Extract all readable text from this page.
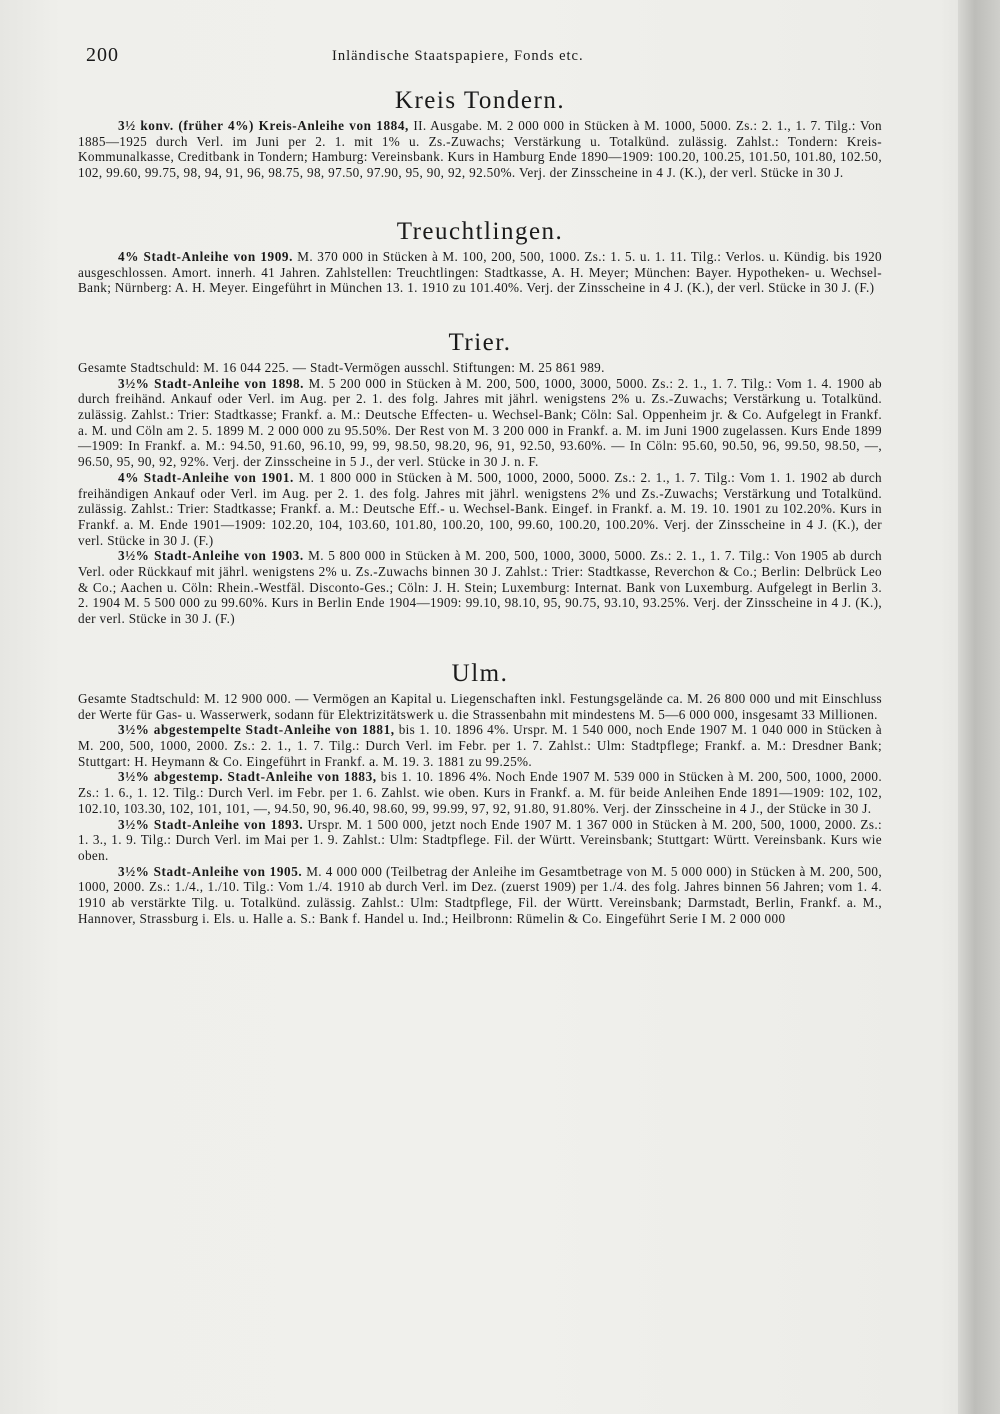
200	Inländische Staatspapiere, Fonds etc.
Kreis Tondern.

3½ konv. (früher 4%) Kreis-Anleihe von 1884, II. Ausgabe. M. 2 000 000 in Stücken à M. 1000, 5000. Zs.: 2. 1., 1. 7. Tilg.: Von 1885—1925 durch Verl. im Juni per 2. 1. mit 1% u. Zs.-Zuwachs; Verstärkung u. Totalkünd. zulässig. Zahlst.: Tondern: Kreis-Kommunalkasse, Creditbank in Tondern; Hamburg: Vereinsbank. Kurs in Hamburg Ende 1890—1909: 100.20, 100.25, 101.50, 101.80, 102.50, 102, 99.60, 99.75, 98, 94, 91, 96, 98.75, 98, 97.50, 97.90, 95, 90, 92, 92.50%. Verj. der Zinsscheine in 4 J. (K.), der verl. Stücke in 30 J.

Treuchtlingen.

4% Stadt-Anleihe von 1909. M. 370 000 in Stücken à M. 100, 200, 500, 1000. Zs.: 1. 5. u. 1. 11. Tilg.: Verlos. u. Kündig. bis 1920 ausgeschlossen. Amort. innerh. 41 Jahren. Zahlstellen: Treuchtlingen: Stadtkasse, A. H. Meyer; München: Bayer. Hypotheken- u. Wechsel-Bank; Nürnberg: A. H. Meyer. Eingeführt in München 13. 1. 1910 zu 101.40%. Verj. der Zinsscheine in 4 J. (K.), der verl. Stücke in 30 J. (F.)

Trier.

Gesamte Stadtschuld: M. 16 044 225. — Stadt-Vermögen ausschl. Stiftungen: M. 25 861 989.

3½% Stadt-Anleihe von 1898. M. 5 200 000 in Stücken à M. 200, 500, 1000, 3000, 5000. Zs.: 2. 1., 1. 7. Tilg.: Vom 1. 4. 1900 ab durch freihänd. Ankauf oder Verl. im Aug. per 2. 1. des folg. Jahres mit jährl. wenigstens 2% u. Zs.-Zuwachs; Verstärkung u. Totalkünd. zulässig. Zahlst.: Trier: Stadtkasse; Frankf. a. M.: Deutsche Effecten- u. Wechsel-Bank; Cöln: Sal. Oppenheim jr. & Co. Aufgelegt in Frankf. a. M. und Cöln am 2. 5. 1899 M. 2 000 000 zu 95.50%. Der Rest von M. 3 200 000 in Frankf. a. M. im Juni 1900 zugelassen. Kurs Ende 1899—1909: In Frankf. a. M.: 94.50, 91.60, 96.10, 99, 99, 98.50, 98.20, 96, 91, 92.50, 93.60%. — In Cöln: 95.60, 90.50, 96, 99.50, 98.50, —, 96.50, 95, 90, 92, 92%. Verj. der Zinsscheine in 5 J., der verl. Stücke in 30 J. n. F.

4% Stadt-Anleihe von 1901. M. 1 800 000 in Stücken à M. 500, 1000, 2000, 5000. Zs.: 2. 1., 1. 7. Tilg.: Vom 1. 1. 1902 ab durch freihändigen Ankauf oder Verl. im Aug. per 2. 1. des folg. Jahres mit jährl. wenigstens 2% und Zs.-Zuwachs; Verstärkung und Totalkünd. zulässig. Zahlst.: Trier: Stadtkasse; Frankf. a. M.: Deutsche Eff.- u. Wechsel-Bank. Eingef. in Frankf. a. M. 19. 10. 1901 zu 102.20%. Kurs in Frankf. a. M. Ende 1901—1909: 102.20, 104, 103.60, 101.80, 100.20, 100, 99.60, 100.20, 100.20%. Verj. der Zinsscheine in 4 J. (K.), der verl. Stücke in 30 J. (F.)

3½% Stadt-Anleihe von 1903. M. 5 800 000 in Stücken à M. 200, 500, 1000, 3000, 5000. Zs.: 2. 1., 1. 7. Tilg.: Von 1905 ab durch Verl. oder Rückkauf mit jährl. wenigstens 2% u. Zs.-Zuwachs binnen 30 J. Zahlst.: Trier: Stadtkasse, Reverchon & Co.; Berlin: Delbrück Leo & Co.; Aachen u. Cöln: Rhein.-Westfäl. Disconto-Ges.; Cöln: J. H. Stein; Luxemburg: Internat. Bank von Luxemburg. Aufgelegt in Berlin 3. 2. 1904 M. 5 500 000 zu 99.60%. Kurs in Berlin Ende 1904—1909: 99.10, 98.10, 95, 90.75, 93.10, 93.25%. Verj. der Zinsscheine in 4 J. (K.), der verl. Stücke in 30 J. (F.)

Ulm.

Gesamte Stadtschuld: M. 12 900 000. — Vermögen an Kapital u. Liegenschaften inkl. Festungsgelände ca. M. 26 800 000 und mit Einschluss der Werte für Gas- u. Wasserwerk, sodann für Elektrizitätswerk u. die Strassenbahn mit mindestens M. 5—6 000 000, insgesamt 33 Millionen.

3½% abgestempelte Stadt-Anleihe von 1881, bis 1. 10. 1896 4%. Urspr. M. 1 540 000, noch Ende 1907 M. 1 040 000 in Stücken à M. 200, 500, 1000, 2000. Zs.: 2. 1., 1. 7. Tilg.: Durch Verl. im Febr. per 1. 7. Zahlst.: Ulm: Stadtpflege; Frankf. a. M.: Dresdner Bank; Stuttgart: H. Heymann & Co. Eingeführt in Frankf. a. M. 19. 3. 1881 zu 99.25%.

3½% abgestemp. Stadt-Anleihe von 1883, bis 1. 10. 1896 4%. Noch Ende 1907 M. 539 000 in Stücken à M. 200, 500, 1000, 2000. Zs.: 1. 6., 1. 12. Tilg.: Durch Verl. im Febr. per 1. 6. Zahlst. wie oben. Kurs in Frankf. a. M. für beide Anleihen Ende 1891—1909: 102, 102, 102.10, 103.30, 102, 101, 101, —, 94.50, 90, 96.40, 98.60, 99, 99.99, 97, 92, 91.80, 91.80%. Verj. der Zinsscheine in 4 J., der Stücke in 30 J.

3½% Stadt-Anleihe von 1893. Urspr. M. 1 500 000, jetzt noch Ende 1907 M. 1 367 000 in Stücken à M. 200, 500, 1000, 2000. Zs.: 1. 3., 1. 9. Tilg.: Durch Verl. im Mai per 1. 9. Zahlst.: Ulm: Stadtpflege. Fil. der Württ. Vereinsbank; Stuttgart: Württ. Vereinsbank. Kurs wie oben.

3½% Stadt-Anleihe von 1905. M. 4 000 000 (Teilbetrag der Anleihe im Gesamtbetrage von M. 5 000 000) in Stücken à M. 200, 500, 1000, 2000. Zs.: 1./4., 1./10. Tilg.: Vom 1./4. 1910 ab durch Verl. im Dez. (zuerst 1909) per 1./4. des folg. Jahres binnen 56 Jahren; vom 1. 4. 1910 ab verstärkte Tilg. u. Totalkünd. zulässig. Zahlst.: Ulm: Stadtpflege, Fil. der Württ. Vereinsbank; Darmstadt, Berlin, Frankf. a. M., Hannover, Strassburg i. Els. u. Halle a. S.: Bank f. Handel u. Ind.; Heilbronn: Rümelin & Co. Eingeführt Serie I M. 2 000 000
